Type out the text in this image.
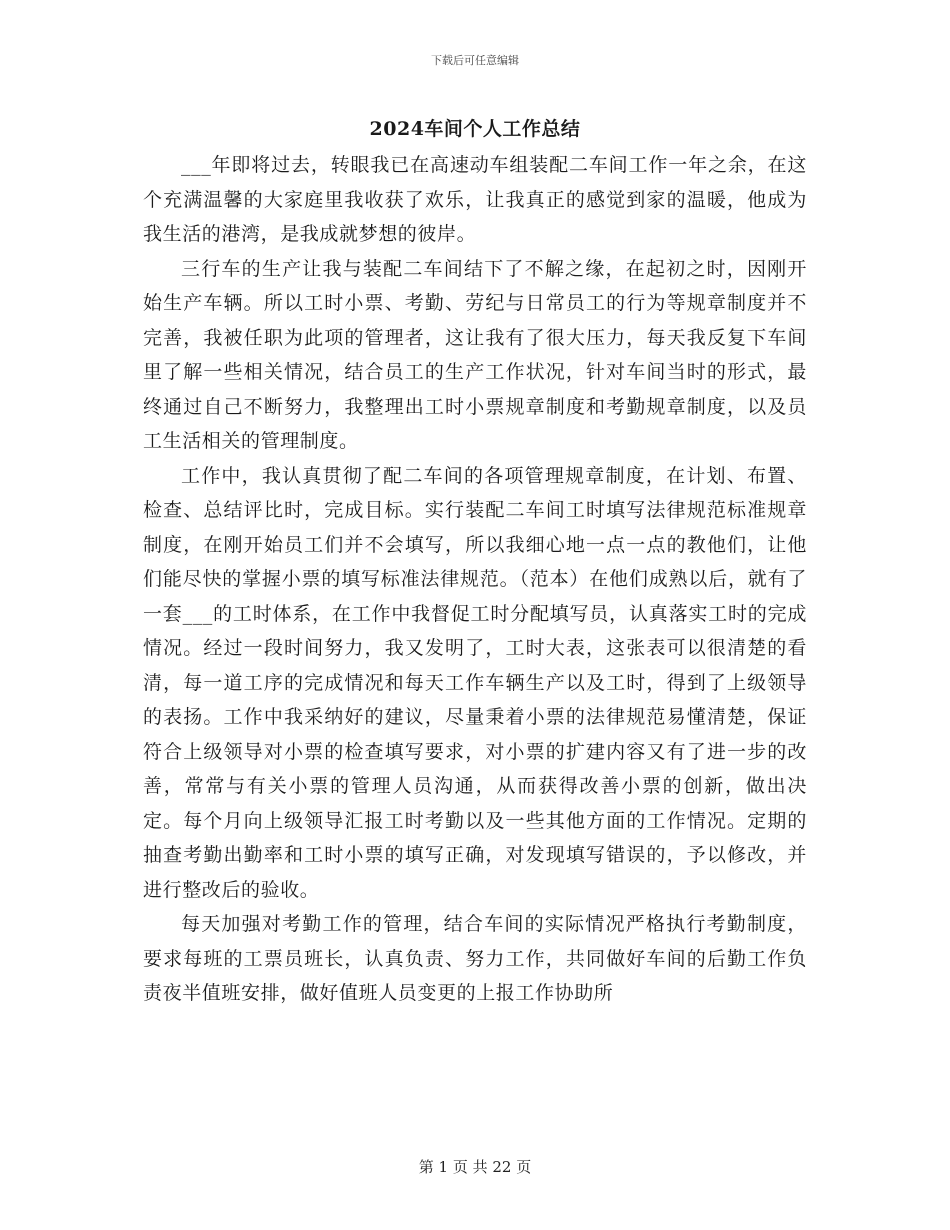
下载后可任意编辑
2024车间个人工作总结

___年即将过去，转眼我已在高速动车组装配二车间工作一年之余，在这个充满温馨的大家庭里我收获了欢乐，让我真正的感觉到家的温暖，他成为我生活的港湾，是我成就梦想的彼岸。

三行车的生产让我与装配二车间结下了不解之缘，在起初之时，因刚开始生产车辆。所以工时小票、考勤、劳纪与日常员工的行为等规章制度并不完善，我被任职为此项的管理者，这让我有了很大压力，每天我反复下车间里了解一些相关情况，结合员工的生产工作状况，针对车间当时的形式，最终通过自己不断努力，我整理出工时小票规章制度和考勤规章制度，以及员工生活相关的管理制度。

工作中，我认真贯彻了配二车间的各项管理规章制度，在计划、布置、检查、总结评比时，完成目标。实行装配二车间工时填写法律规范标准规章制度，在刚开始员工们并不会填写，所以我细心地一点一点的教他们，让他们能尽快的掌握小票的填写标准法律规范。（范本）在他们成熟以后，就有了一套___的工时体系，在工作中我督促工时分配填写员，认真落实工时的完成情况。经过一段时间努力，我又发明了，工时大表，这张表可以很清楚的看清，每一道工序的完成情况和每天工作车辆生产以及工时，得到了上级领导的表扬。工作中我采纳好的建议，尽量秉着小票的法律规范易懂清楚，保证符合上级领导对小票的检查填写要求，对小票的扩建内容又有了进一步的改善，常常与有关小票的管理人员沟通，从而获得改善小票的创新，做出决定。每个月向上级领导汇报工时考勤以及一些其他方面的工作情况。定期的抽查考勤出勤率和工时小票的填写正确，对发现填写错误的，予以修改，并进行整改后的验收。

每天加强对考勤工作的管理，结合车间的实际情况严格执行考勤制度，要求每班的工票员班长，认真负责、努力工作，共同做好车间的后勤工作负责夜半值班安排，做好值班人员变更的上报工作协助所

第 1 页 共 22 页
